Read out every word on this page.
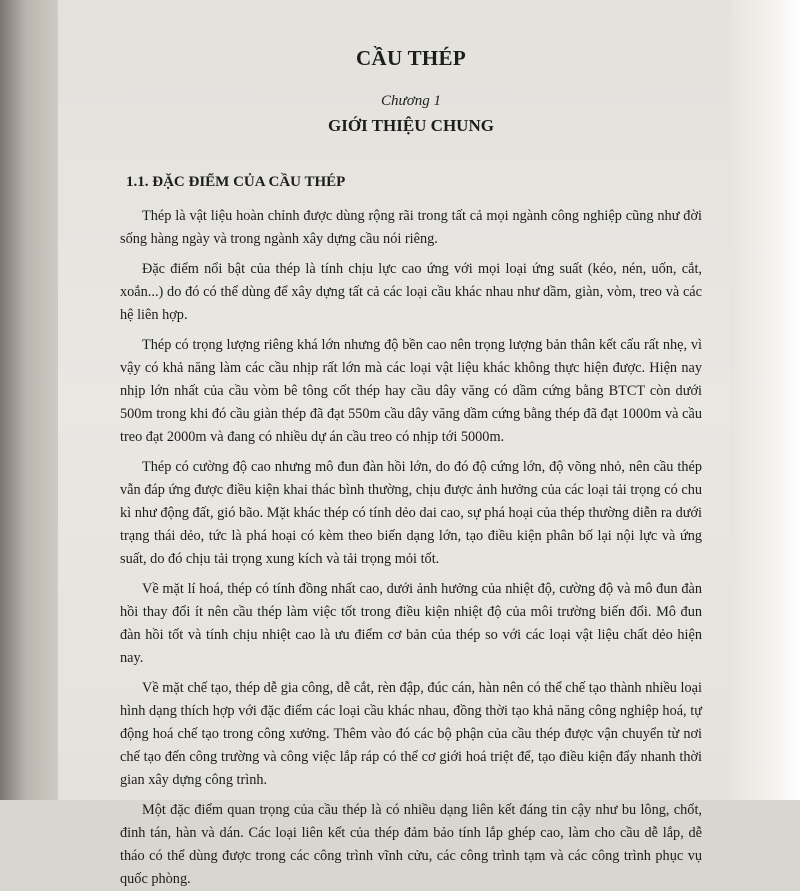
CẦU THÉP
Chương 1
GIỚI THIỆU CHUNG
1.1. ĐẶC ĐIỂM CỦA CẦU THÉP

Thép là vật liệu hoàn chỉnh được dùng rộng rãi trong tất cả mọi ngành công nghiệp cũng như đời sống hàng ngày và trong ngành xây dựng cầu nói riêng.

Đặc điểm nổi bật của thép là tính chịu lực cao ứng với mọi loại ứng suất (kéo, nén, uốn, cắt, xoắn...) do đó có thể dùng để xây dựng tất cả các loại cầu khác nhau như dầm, giàn, vòm, treo và các hệ liên hợp.

Thép có trọng lượng riêng khá lớn nhưng độ bền cao nên trọng lượng bản thân kết cấu rất nhẹ, vì vậy có khả năng làm các cầu nhịp rất lớn mà các loại vật liệu khác không thực hiện được. Hiện nay nhịp lớn nhất của cầu vòm bê tông cốt thép hay cầu dây văng có dầm cứng bằng BTCT còn dưới 500m trong khi đó cầu giàn thép đã đạt 550m cầu dây văng dầm cứng bằng thép đã đạt 1000m và cầu treo đạt 2000m và đang có nhiều dự án cầu treo có nhịp tới 5000m.

Thép có cường độ cao nhưng mô đun đàn hồi lớn, do đó độ cứng lớn, độ võng nhỏ, nên cầu thép vẫn đáp ứng được điều kiện khai thác bình thường, chịu được ảnh hưởng của các loại tải trọng có chu kì như động đất, gió bão. Mặt khác thép có tính dẻo dai cao, sự phá hoại của thép thường diễn ra dưới trạng thái dẻo, tức là phá hoại có kèm theo biến dạng lớn, tạo điều kiện phân bố lại nội lực và ứng suất, do đó chịu tải trọng xung kích và tải trọng mỏi tốt.

Về mặt lí hoá, thép có tính đồng nhất cao, dưới ảnh hưởng của nhiệt độ, cường độ và mô đun đàn hồi thay đổi ít nên cầu thép làm việc tốt trong điều kiện nhiệt độ của môi trường biến đổi. Mô đun đàn hồi tốt và tính chịu nhiệt cao là ưu điểm cơ bản của thép so với các loại vật liệu chất dẻo hiện nay.

Về mặt chế tạo, thép dễ gia công, dễ cắt, rèn đập, đúc cán, hàn nên có thể chế tạo thành nhiều loại hình dạng thích hợp với đặc điểm các loại cầu khác nhau, đồng thời tạo khả năng công nghiệp hoá, tự động hoá chế tạo trong công xưởng. Thêm vào đó các bộ phận của cầu thép được vận chuyển từ nơi chế tạo đến công trường và công việc lắp ráp có thể cơ giới hoá triệt để, tạo điều kiện đẩy nhanh thời gian xây dựng công trình.

Một đặc điểm quan trọng của cầu thép là có nhiều dạng liên kết đáng tin cậy như bu lông, chốt, đinh tán, hàn và dán. Các loại liên kết của thép đảm bảo tính lắp ghép cao, làm cho cầu dễ lắp, dễ tháo có thể dùng được trong các công trình vĩnh cửu, các công trình tạm và các công trình phục vụ quốc phòng.
